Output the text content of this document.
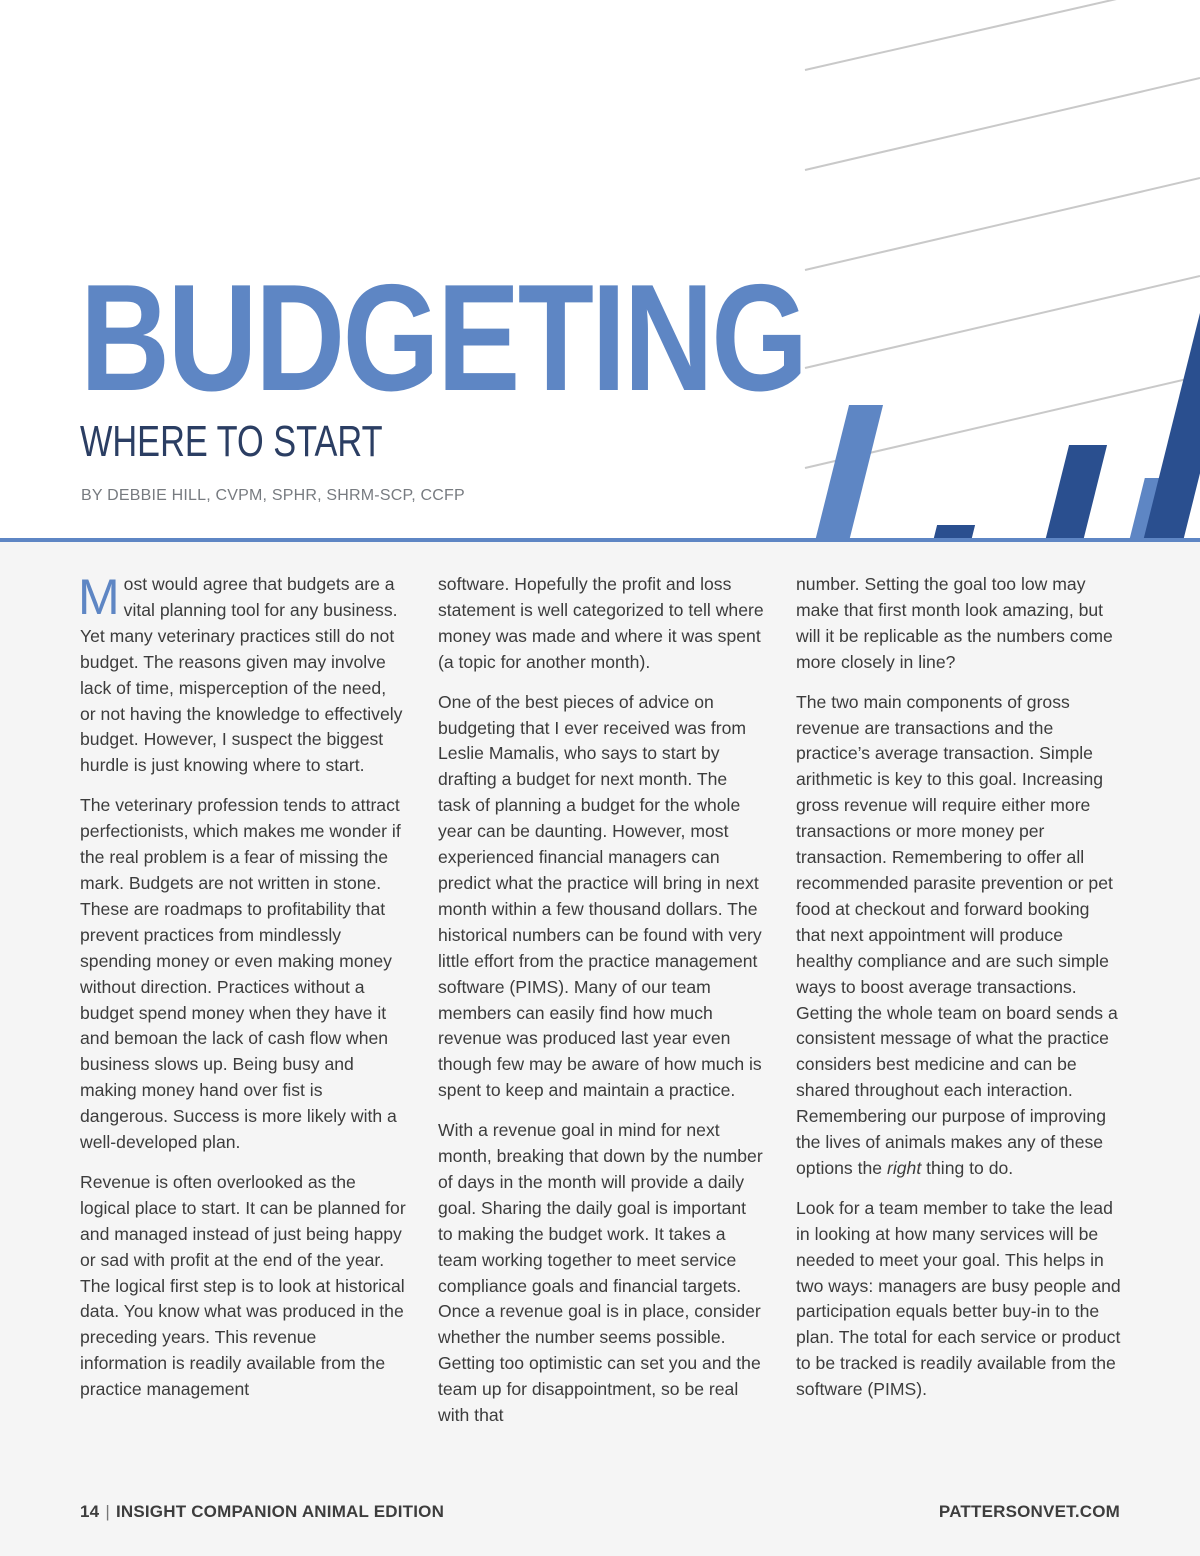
BUDGETING
WHERE TO START

BY DEBBIE HILL, CVPM, SPHR, SHRM-SCP, CCFP

Most would agree that budgets are a vital planning tool for any business. Yet many veterinary practices still do not budget. The reasons given may involve lack of time, misperception of the need, or not having the knowledge to effectively budget. However, I suspect the biggest hurdle is just knowing where to start.

The veterinary profession tends to attract perfectionists, which makes me wonder if the real problem is a fear of missing the mark. Budgets are not written in stone. These are roadmaps to profitability that prevent practices from mindlessly spending money or even making money without direction. Practices without a budget spend money when they have it and bemoan the lack of cash flow when business slows up. Being busy and making money hand over fist is dangerous. Success is more likely with a well-developed plan.

Revenue is often overlooked as the logical place to start. It can be planned for and managed instead of just being happy or sad with profit at the end of the year. The logical first step is to look at historical data. You know what was produced in the preceding years. This revenue information is readily available from the practice management

software. Hopefully the profit and loss statement is well categorized to tell where money was made and where it was spent (a topic for another month).

One of the best pieces of advice on budgeting that I ever received was from Leslie Mamalis, who says to start by drafting a budget for next month. The task of planning a budget for the whole year can be daunting. However, most experienced financial managers can predict what the practice will bring in next month within a few thousand dollars. The historical numbers can be found with very little effort from the practice management software (PIMS). Many of our team members can easily find how much revenue was produced last year even though few may be aware of how much is spent to keep and maintain a practice.

With a revenue goal in mind for next month, breaking that down by the number of days in the month will provide a daily goal. Sharing the daily goal is important to making the budget work. It takes a team working together to meet service compliance goals and financial targets. Once a revenue goal is in place, consider whether the number seems possible. Getting too optimistic can set you and the team up for disappointment, so be real with that

number. Setting the goal too low may make that first month look amazing, but will it be replicable as the numbers come more closely in line?

The two main components of gross revenue are transactions and the practice’s average transaction. Simple arithmetic is key to this goal. Increasing gross revenue will require either more transactions or more money per transaction. Remembering to offer all recommended parasite prevention or pet food at checkout and forward booking that next appointment will produce healthy compliance and are such simple ways to boost average transactions. Getting the whole team on board sends a consistent message of what the practice considers best medicine and can be shared throughout each interaction. Remembering our purpose of improving the lives of animals makes any of these options the right thing to do.

Look for a team member to take the lead in looking at how many services will be needed to meet your goal. This helps in two ways: managers are busy people and participation equals better buy-in to the plan. The total for each service or product to be tracked is readily available from the software (PIMS).

14 | INSIGHT COMPANION ANIMAL EDITION	PATTERSONVET.COM
